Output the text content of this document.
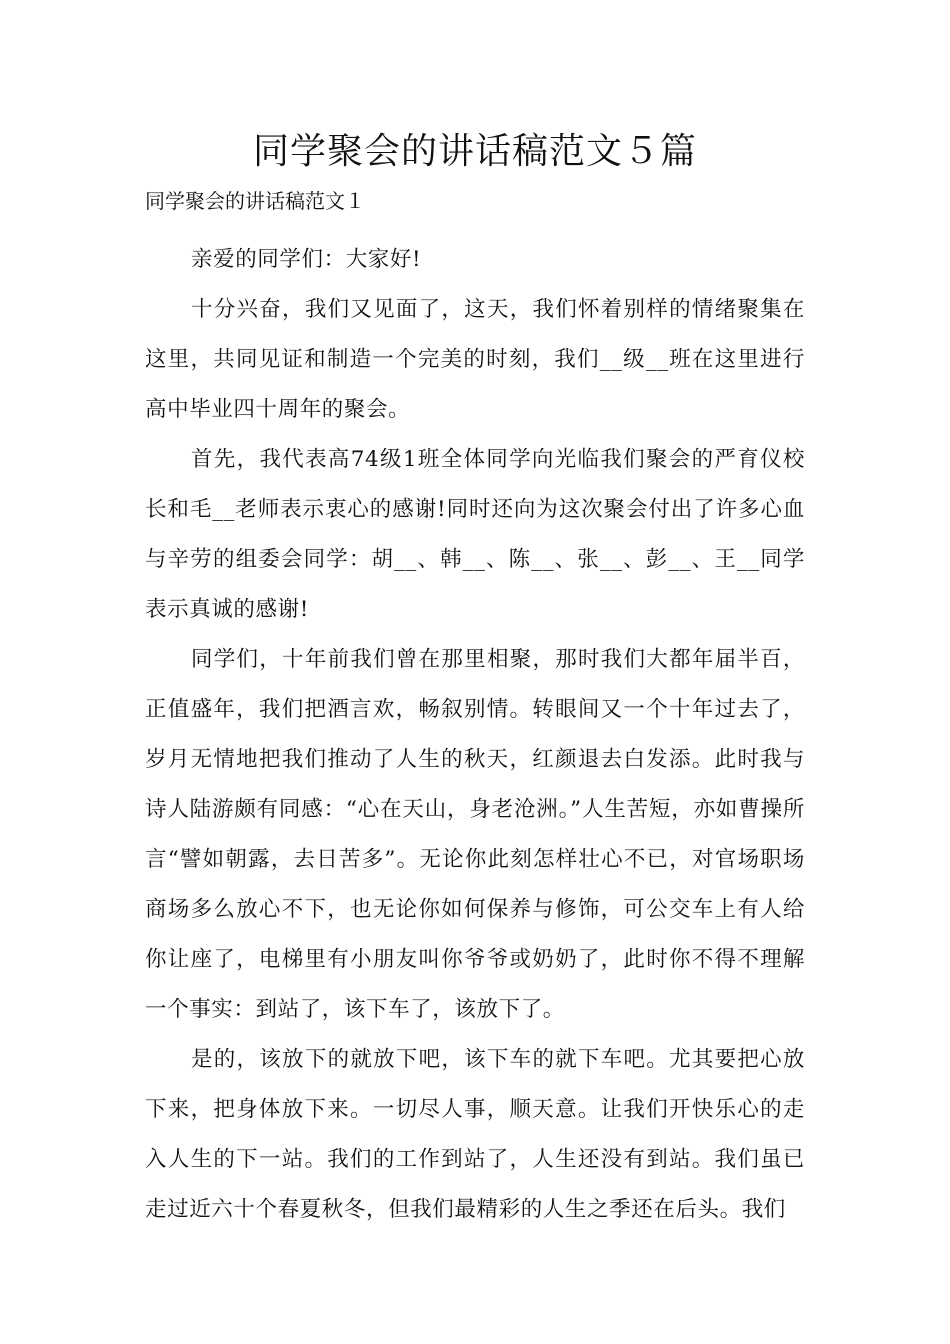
同学聚会的讲话稿范文５篇

同学聚会的讲话稿范文１

亲爱的同学们：大家好!

十分兴奋，我们又见面了，这天，我们怀着别样的情绪聚集在这里，共同见证和制造一个完美的时刻，我们__级__班在这里进行高中毕业四十周年的聚会。

首先，我代表高74级1班全体同学向光临我们聚会的严育仪校长和毛__老师表示衷心的感谢!同时还向为这次聚会付出了许多心血与辛劳的组委会同学：胡__、韩__、陈__、张__、彭__、王__同学表示真诚的感谢!

同学们，十年前我们曾在那里相聚，那时我们大都年届半百，正值盛年，我们把酒言欢，畅叙别情。转眼间又一个十年过去了，岁月无情地把我们推动了人生的秋天，红颜退去白发添。此时我与诗人陆游颇有同感：“心在天山，身老沧洲。”人生苦短，亦如曹操所言“譬如朝露，去日苦多”。无论你此刻怎样壮心不已，对官场职场商场多么放心不下，也无论你如何保养与修饰，可公交车上有人给你让座了，电梯里有小朋友叫你爷爷或奶奶了，此时你不得不理解一个事实：到站了，该下车了，该放下了。

是的，该放下的就放下吧，该下车的就下车吧。尤其要把心放下来，把身体放下来。一切尽人事，顺天意。让我们开快乐心的走入人生的下一站。我们的工作到站了，人生还没有到站。我们虽已走过近六十个春夏秋冬，但我们最精彩的人生之季还在后头。我们
